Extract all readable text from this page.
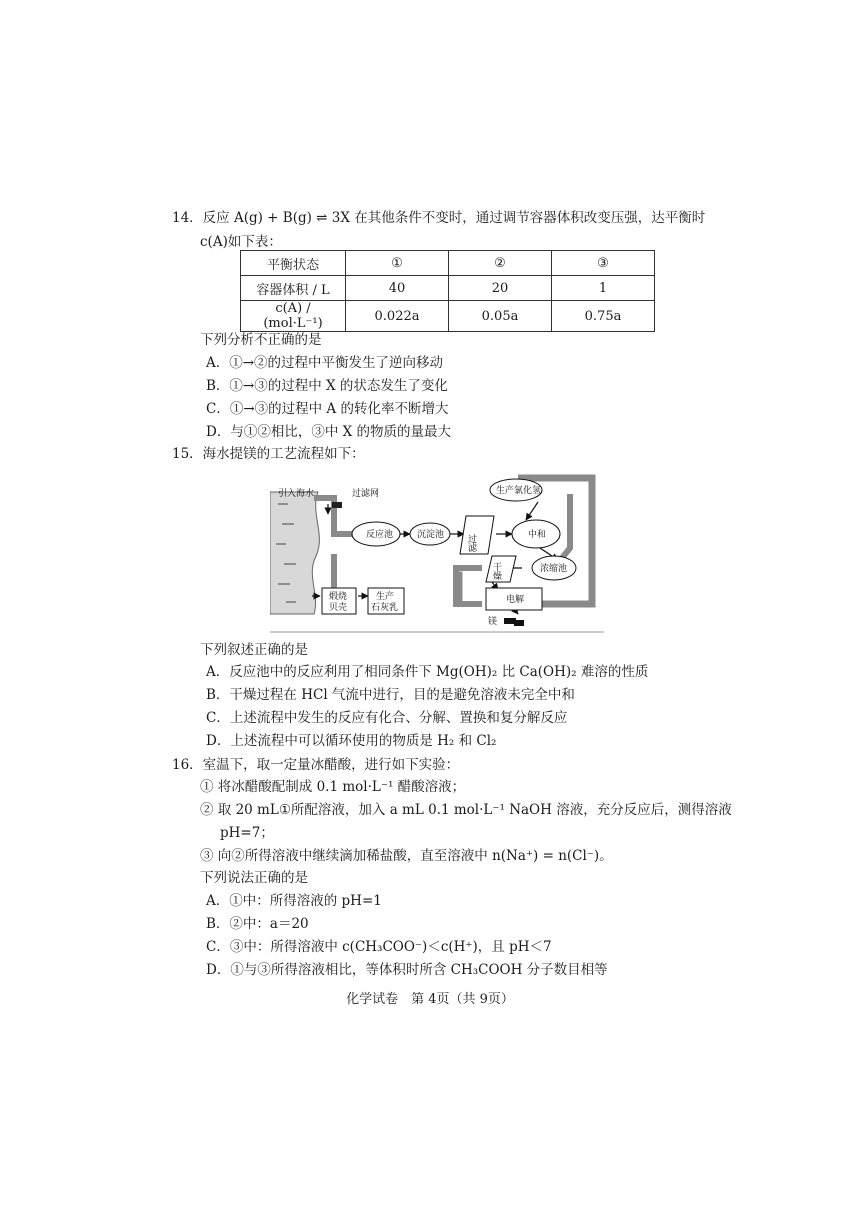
14．反应 A(g) + B(g) ⇌ 3X 在其他条件不变时，通过调节容器体积改变压强，达平衡时
c(A)如下表：
平衡状态	①	②	③
容器体积 / L	40	20	1
c(A) / (mol·L⁻¹)	0.022a	0.05a	0.75a
下列分析不正确的是
A．①→②的过程中平衡发生了逆向移动
B．①→③的过程中 X 的状态发生了变化
C．①→③的过程中 A 的转化率不断增大
D．与①②相比，③中 X 的物质的量最大
15．海水提镁的工艺流程如下：
引入海水	过滤网
反应池	沉淀池 过滤	中和
生产氯化氢
浓缩池
干燥
电解
镁
煅烧
贝壳
生产
石灰乳
下列叙述正确的是
A．反应池中的反应利用了相同条件下 Mg(OH)₂ 比 Ca(OH)₂ 难溶的性质
B．干燥过程在 HCl 气流中进行，目的是避免溶液未完全中和
C．上述流程中发生的反应有化合、分解、置换和复分解反应
D．上述流程中可以循环使用的物质是 H₂ 和 Cl₂
16．室温下，取一定量冰醋酸，进行如下实验：
① 将冰醋酸配制成 0.1 mol·L⁻¹ 醋酸溶液；
② 取 20 mL①所配溶液，加入 a mL 0.1 mol·L⁻¹ NaOH 溶液，充分反应后，测得溶液
pH=7；
③ 向②所得溶液中继续滴加稀盐酸，直至溶液中 n(Na⁺) = n(Cl⁻)。
下列说法正确的是
A．①中：所得溶液的 pH=1
B．②中：a＝20
C．③中：所得溶液中 c(CH₃COO⁻)＜c(H⁺)，且 pH＜7
D．①与③所得溶液相比，等体积时所含 CH₃COOH 分子数目相等
化学试卷　第 4页（共 9页）
